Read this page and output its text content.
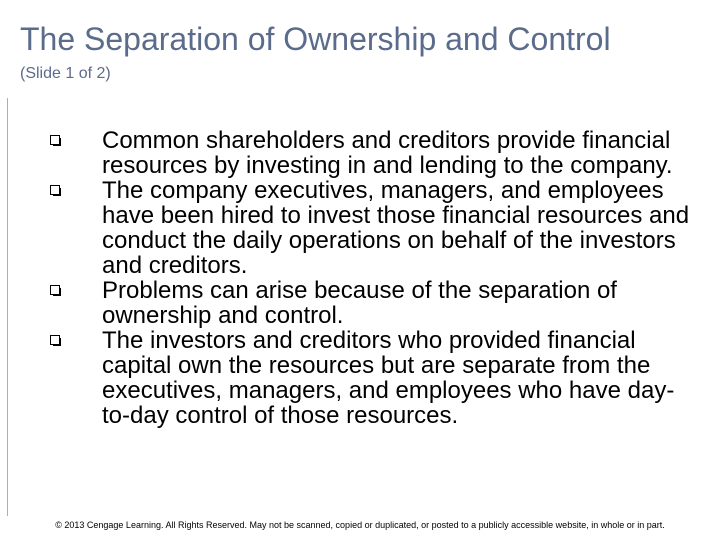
The Separation of Ownership and Control
(Slide 1 of 2)
Common shareholders and creditors provide financial resources by investing in and lending to the company.
The company executives, managers, and employees have been hired to invest those financial resources and conduct the daily operations on behalf of the investors and creditors.
Problems can arise because of the separation of ownership and control.
The investors and creditors who provided financial capital own the resources but are separate from the executives, managers, and employees who have day-to-day control of those resources.
© 2013 Cengage Learning. All Rights Reserved. May not be scanned, copied or duplicated, or posted to a publicly accessible website, in whole or in part.
